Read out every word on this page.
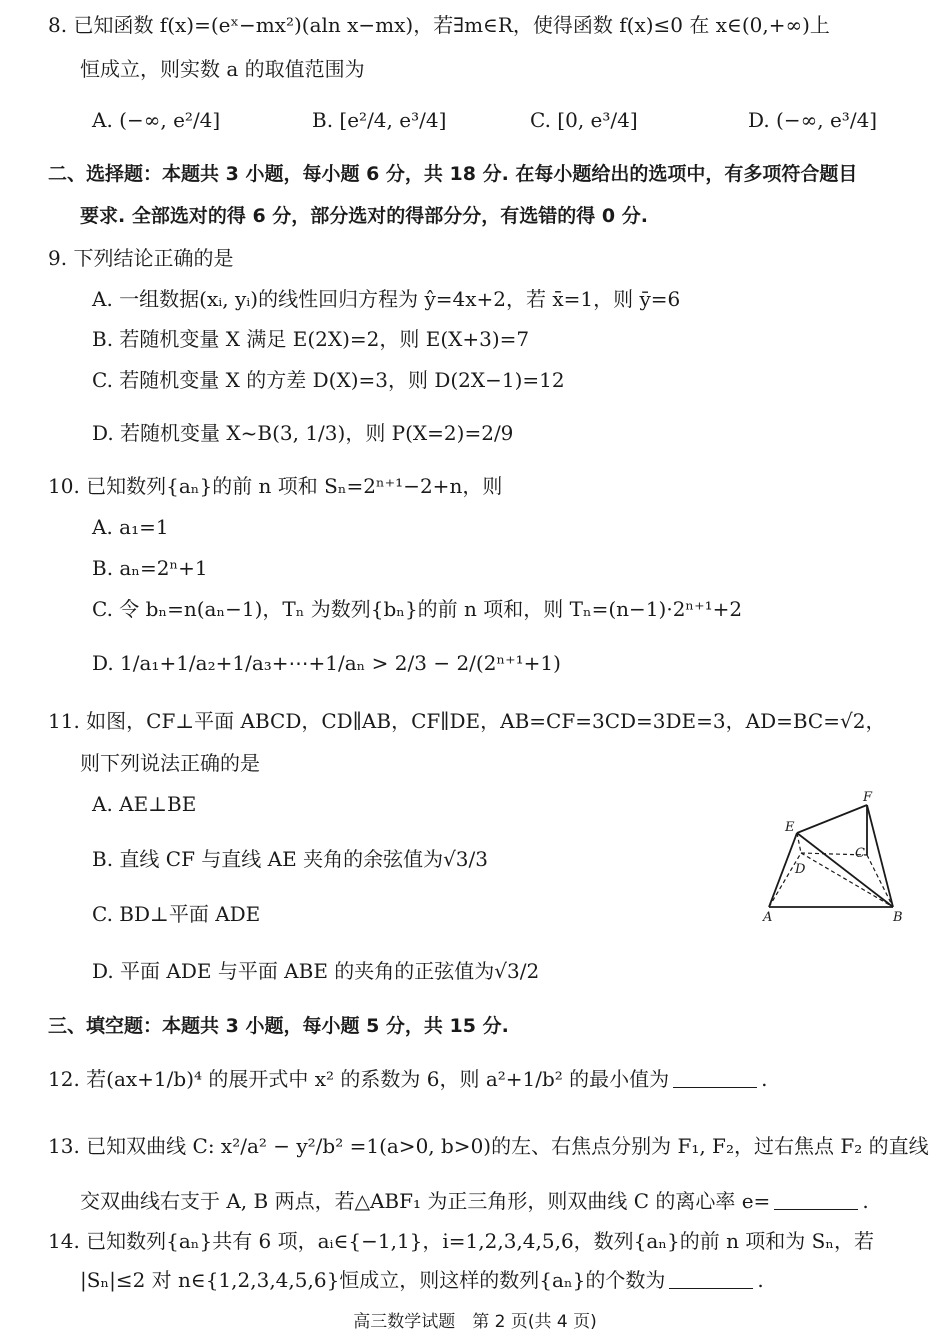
8. 已知函数 f(x)=(eˣ−mx²)(aln x−mx)，若∃m∈R，使得函数 f(x)≤0 在 x∈(0,+∞)上
恒成立，则实数 a 的取值范围为
A. (−∞, e²/4]	B. [e²/4, e³/4]	C. [0, e³/4]	D. (−∞, e³/4]
二、选择题：本题共 3 小题，每小题 6 分，共 18 分. 在每小题给出的选项中，有多项符合题目
要求. 全部选对的得 6 分，部分选对的得部分分，有选错的得 0 分.
9. 下列结论正确的是
A. 一组数据(xᵢ, yᵢ)的线性回归方程为 ŷ=4x+2，若 x̄=1，则 ȳ=6
B. 若随机变量 X 满足 E(2X)=2，则 E(X+3)=7
C. 若随机变量 X 的方差 D(X)=3，则 D(2X−1)=12
D. 若随机变量 X~B(3, 1/3)，则 P(X=2)=2/9
10. 已知数列{aₙ}的前 n 项和 Sₙ=2ⁿ⁺¹−2+n，则
A. a₁=1
B. aₙ=2ⁿ+1
C. 令 bₙ=n(aₙ−1)，Tₙ 为数列{bₙ}的前 n 项和，则 Tₙ=(n−1)·2ⁿ⁺¹+2
D. 1/a₁+1/a₂+1/a₃+⋯+1/aₙ > 2/3 − 2/(2ⁿ⁺¹+1)
11. 如图，CF⊥平面 ABCD，CD∥AB，CF∥DE，AB=CF=3CD=3DE=3，AD=BC=√2，
则下列说法正确的是
A. AE⊥BE
B. 直线 CF 与直线 AE 夹角的余弦值为√3/3
C. BD⊥平面 ADE
D. 平面 ADE 与平面 ABE 的夹角的正弦值为√3/2
A	B
C
D
E
F
三、填空题：本题共 3 小题，每小题 5 分，共 15 分.
12. 若(ax+1/b)⁴ 的展开式中 x² 的系数为 6，则 a²+1/b² 的最小值为	.
13. 已知双曲线 C: x²/a² − y²/b² =1(a>0, b>0)的左、右焦点分别为 F₁, F₂，过右焦点 F₂ 的直线
交双曲线右支于 A, B 两点，若△ABF₁ 为正三角形，则双曲线 C 的离心率 e=	.
14. 已知数列{aₙ}共有 6 项，aᵢ∈{−1,1}，i=1,2,3,4,5,6，数列{aₙ}的前 n 项和为 Sₙ，若
|Sₙ|≤2 对 n∈{1,2,3,4,5,6}恒成立，则这样的数列{aₙ}的个数为	.
高三数学试题　第 2 页(共 4 页)
